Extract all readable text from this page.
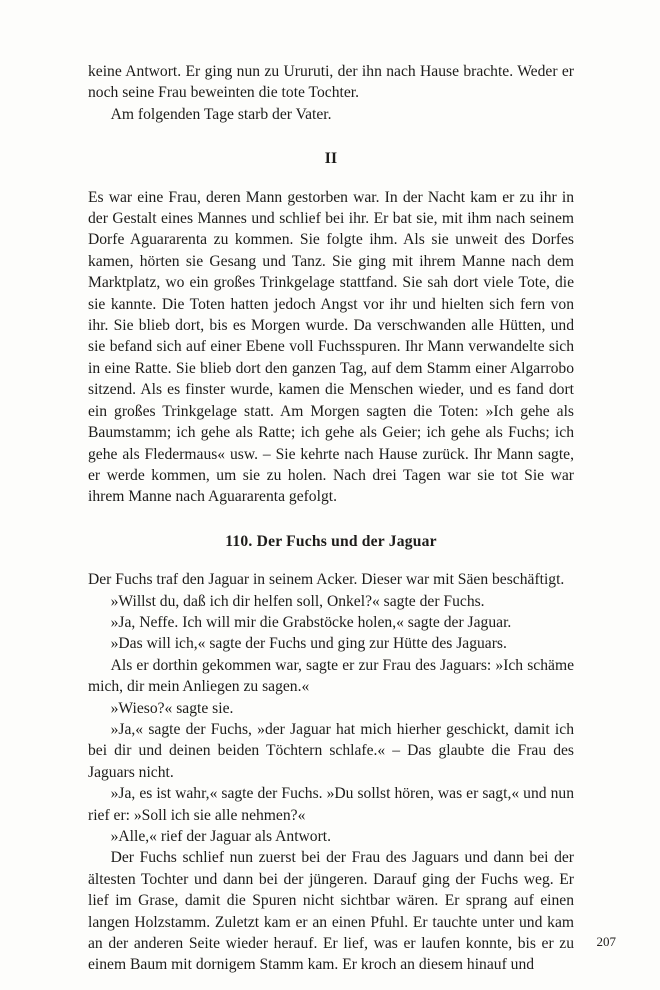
keine Antwort. Er ging nun zu Ururuti, der ihn nach Hause brachte. Weder er noch seine Frau beweinten die tote Tochter.

Am folgenden Tage starb der Vater.

II

Es war eine Frau, deren Mann gestorben war. In der Nacht kam er zu ihr in der Gestalt eines Mannes und schlief bei ihr. Er bat sie, mit ihm nach seinem Dorfe Aguararenta zu kommen. Sie folgte ihm. Als sie unweit des Dorfes kamen, hörten sie Gesang und Tanz. Sie ging mit ihrem Manne nach dem Marktplatz, wo ein großes Trinkgelage stattfand. Sie sah dort viele Tote, die sie kannte. Die Toten hatten jedoch Angst vor ihr und hielten sich fern von ihr. Sie blieb dort, bis es Morgen wurde. Da verschwanden alle Hütten, und sie befand sich auf einer Ebene voll Fuchsspuren. Ihr Mann verwandelte sich in eine Ratte. Sie blieb dort den ganzen Tag, auf dem Stamm einer Algarrobo sitzend. Als es finster wurde, kamen die Menschen wieder, und es fand dort ein großes Trinkgelage statt. Am Morgen sagten die Toten: »Ich gehe als Baumstamm; ich gehe als Ratte; ich gehe als Geier; ich gehe als Fuchs; ich gehe als Fledermaus« usw. – Sie kehrte nach Hause zurück. Ihr Mann sagte, er werde kommen, um sie zu holen. Nach drei Tagen war sie tot Sie war ihrem Manne nach Aguararenta gefolgt.

110. Der Fuchs und der Jaguar

Der Fuchs traf den Jaguar in seinem Acker. Dieser war mit Säen beschäftigt.

»Willst du, daß ich dir helfen soll, Onkel?« sagte der Fuchs.

»Ja, Neffe. Ich will mir die Grabstöcke holen,« sagte der Jaguar.

»Das will ich,« sagte der Fuchs und ging zur Hütte des Jaguars.

Als er dorthin gekommen war, sagte er zur Frau des Jaguars: »Ich schäme mich, dir mein Anliegen zu sagen.«

»Wieso?« sagte sie.

»Ja,« sagte der Fuchs, »der Jaguar hat mich hierher geschickt, damit ich bei dir und deinen beiden Töchtern schlafe.« – Das glaubte die Frau des Jaguars nicht.

»Ja, es ist wahr,« sagte der Fuchs. »Du sollst hören, was er sagt,« und nun rief er: »Soll ich sie alle nehmen?«

»Alle,« rief der Jaguar als Antwort.

Der Fuchs schlief nun zuerst bei der Frau des Jaguars und dann bei der ältesten Tochter und dann bei der jüngeren. Darauf ging der Fuchs weg. Er lief im Grase, damit die Spuren nicht sichtbar wären. Er sprang auf einen langen Holzstamm. Zuletzt kam er an einen Pfuhl. Er tauchte unter und kam an der anderen Seite wieder herauf. Er lief, was er laufen konnte, bis er zu einem Baum mit dornigem Stamm kam. Er kroch an diesem hinauf und

207
